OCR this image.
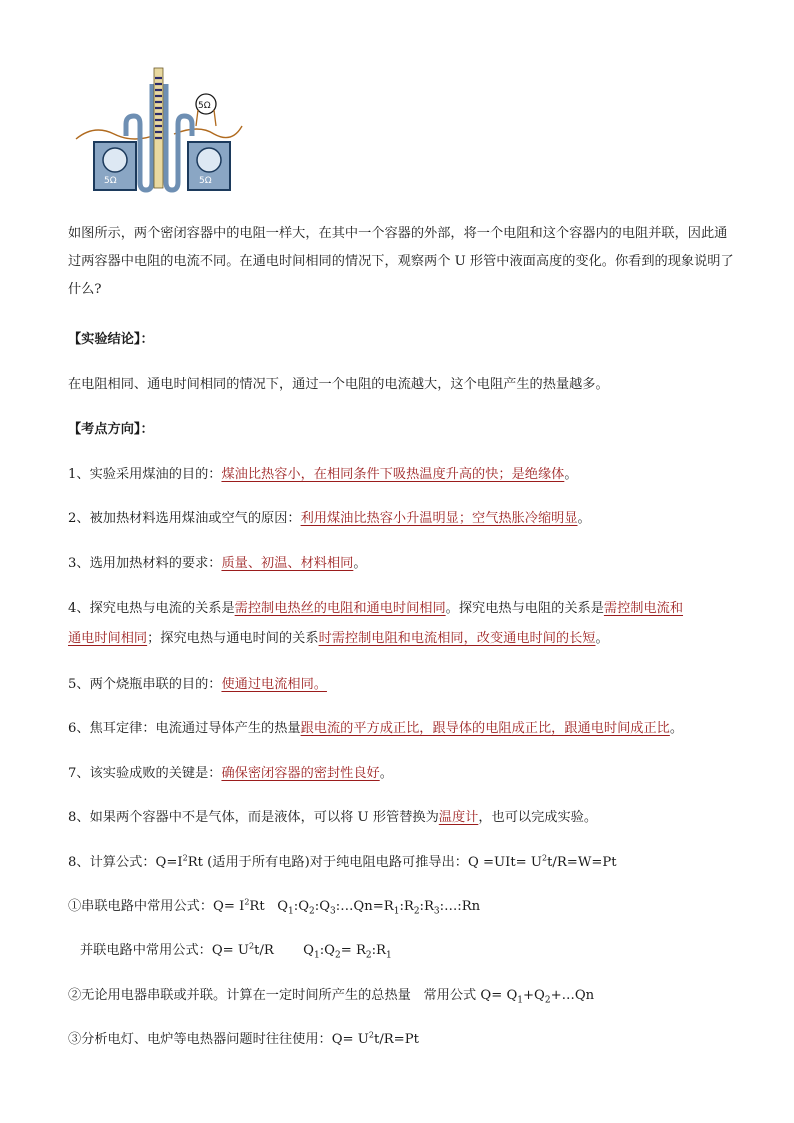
5Ω	5Ω
5Ω
如图所示，两个密闭容器中的电阻一样大，在其中一个容器的外部，将一个电阻和这个容器内的电阻并联，因此通过两容器中电阻的电流不同。在通电时间相同的情况下，观察两个 U 形管中液面高度的变化。你看到的现象说明了什么?
【实验结论】：
在电阻相同、通电时间相同的情况下，通过一个电阻的电流越大，这个电阻产生的热量越多。
【考点方向】：
1、实验采用煤油的目的：煤油比热容小，在相同条件下吸热温度升高的快；是绝缘体。
2、被加热材料选用煤油或空气的原因：利用煤油比热容小升温明显；空气热胀冷缩明显。
3、选用加热材料的要求：质量、初温、材料相同。
4、探究电热与电流的关系是需控制电热丝的电阻和通电时间相同。探究电热与电阻的关系是需控制电流和
通电时间相同；探究电热与通电时间的关系时需控制电阻和电流相同，改变通电时间的长短。
5、两个烧瓶串联的目的：使通过电流相同。
6、焦耳定律：电流通过导体产生的热量跟电流的平方成正比，跟导体的电阻成正比，跟通电时间成正比。
7、该实验成败的关键是：确保密闭容器的密封性良好。
8、如果两个容器中不是气体，而是液体，可以将 U 形管替换为温度计，也可以完成实验。
8、计算公式：$Q=I^2Rt$ (适用于所有电路)对于纯电阻电路可推导出：$Q =UIt= U^2t/R=W=Pt$
①串联电路中常用公式：$Q= I^2Rt$   $Q_1:Q_2:Q_3:\dots Qn=R_1:R_2:R_3:\dots:Rn$
并联电路中常用公式：$Q= U^2t/R$       $Q_1:Q_2=$ $R_2:R_1$
②无论用电器串联或并联。计算在一定时间所产生的总热量   常用公式 $Q= Q_1+Q_2+\dots Qn$
③分析电灯、电炉等电热器问题时往往使用：$Q= U^2t/R=Pt$
